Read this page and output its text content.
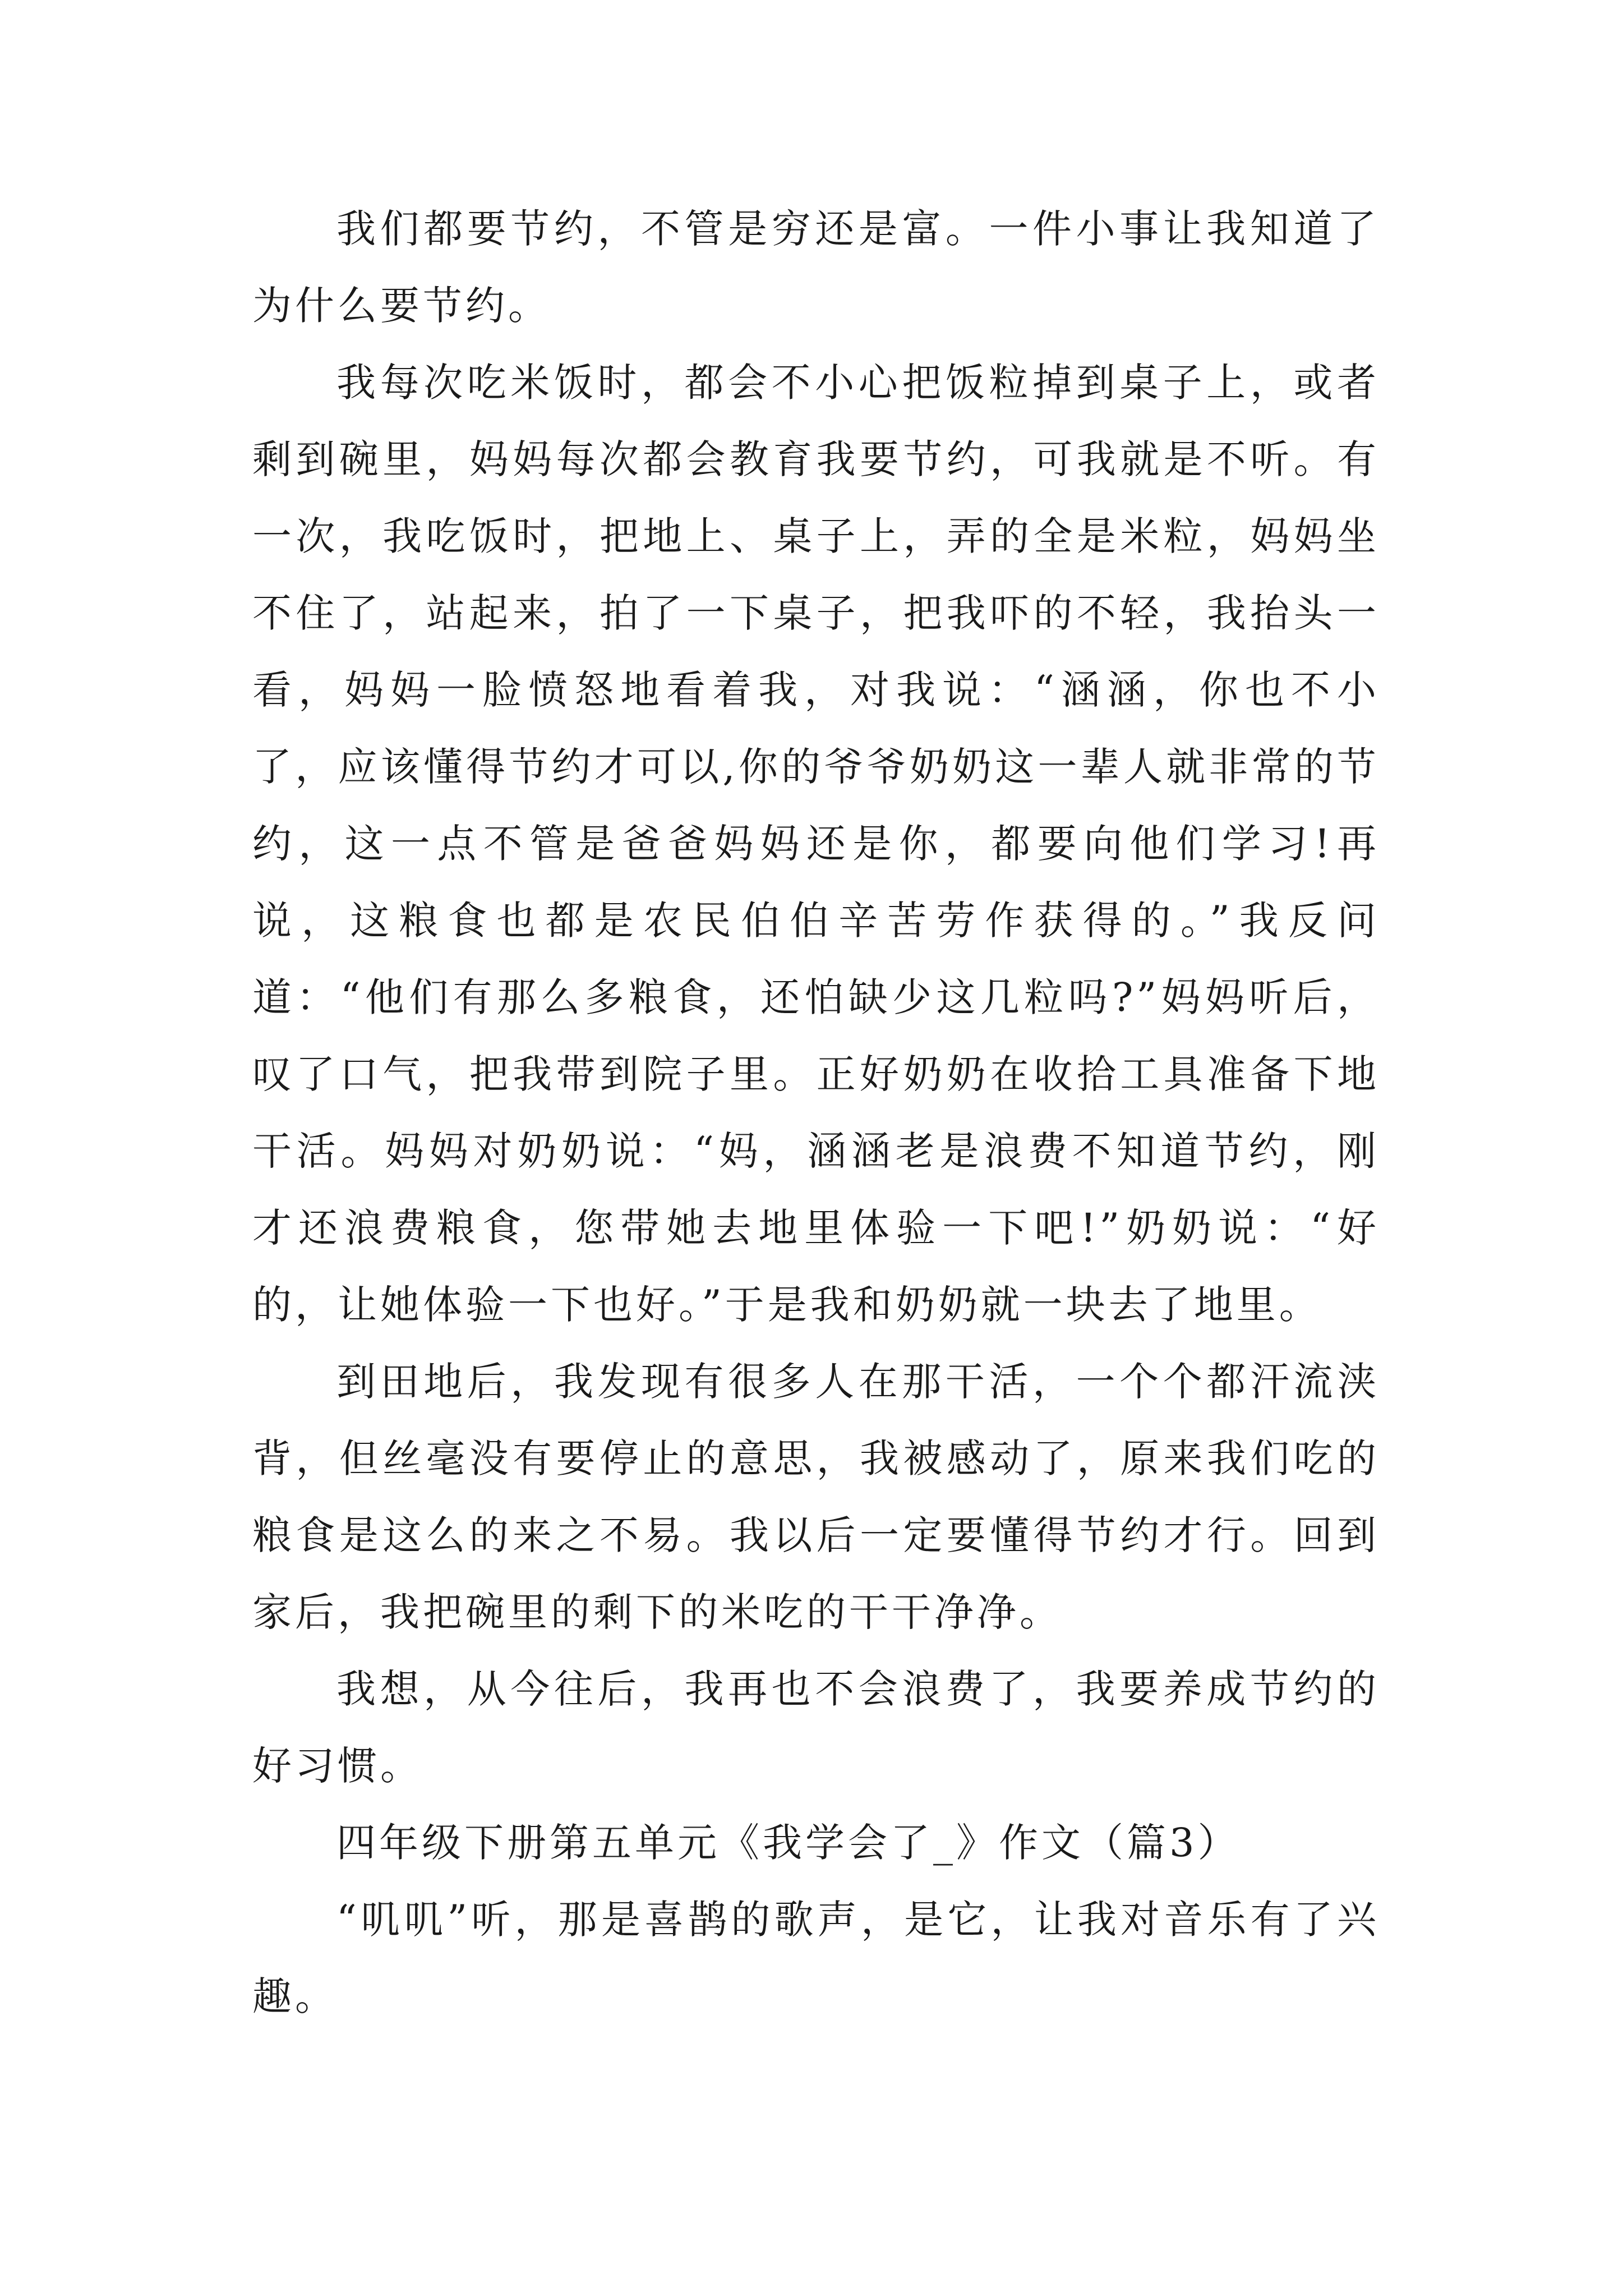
我们都要节约，不管是穷还是富。一件小事让我知道了为什么要节约。

我每次吃米饭时，都会不小心把饭粒掉到桌子上，或者剩到碗里，妈妈每次都会教育我要节约，可我就是不听。有一次，我吃饭时，把地上、桌子上，弄的全是米粒，妈妈坐不住了，站起来，拍了一下桌子，把我吓的不轻，我抬头一看，妈妈一脸愤怒地看着我，对我说：“涵涵，你也不小了，应该懂得节约才可以,你的爷爷奶奶这一辈人就非常的节约，这一点不管是爸爸妈妈还是你，都要向他们学习!再说，这粮食也都是农民伯伯辛苦劳作获得的。”我反问道：“他们有那么多粮食，还怕缺少这几粒吗?”妈妈听后，叹了口气，把我带到院子里。正好奶奶在收拾工具准备下地干活。妈妈对奶奶说：“妈，涵涵老是浪费不知道节约，刚才还浪费粮食，您带她去地里体验一下吧!”奶奶说：“好的，让她体验一下也好。”于是我和奶奶就一块去了地里。

到田地后，我发现有很多人在那干活，一个个都汗流浃背，但丝毫没有要停止的意思，我被感动了，原来我们吃的粮食是这么的来之不易。我以后一定要懂得节约才行。回到家后，我把碗里的剩下的米吃的干干净净。

我想，从今往后，我再也不会浪费了，我要养成节约的好习惯。

四年级下册第五单元《我学会了_》作文（篇3）

“叽叽”听，那是喜鹊的歌声，是它，让我对音乐有了兴趣。
